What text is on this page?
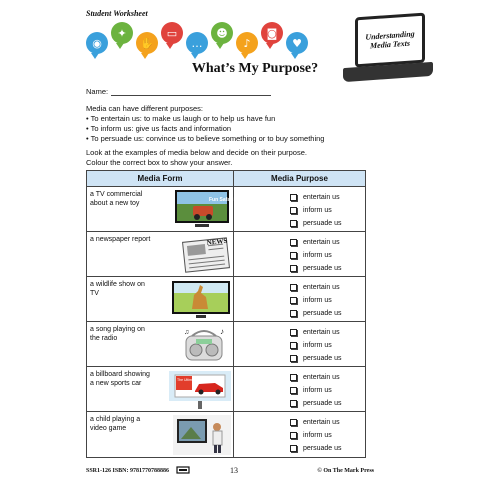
Student Worksheet
◉
✦
✋
▭
…
☻
♪
◙
♥
Understanding Media Texts
What’s My Purpose?
Name:
Media can have different purposes:
• To entertain us: to make us laugh or to help us have fun
• To inform us: give us facts and information
• To persuade us: convince us to believe something or to buy something
Look at the examples of media below and decide on their purpose.
Colour the correct box to show your answer.
Media Form	Media Purpose
a TV commercial about a new toy	Fun Safari SUV	entertain us
inform us
persuade us
a newspaper report	NEWS	entertain us
inform us
persuade us
a wildlife show on TV
entertain us
inform us
persuade us
a song playing on the radio
♪
♫	entertain us
inform us
persuade us
a billboard showing a new sports car	The Ultimate Car	entertain us
inform us
persuade us
a child playing a video game
entertain us
inform us
persuade us
SSR1-126 ISBN: 9781770788886	13	© On The Mark Press
